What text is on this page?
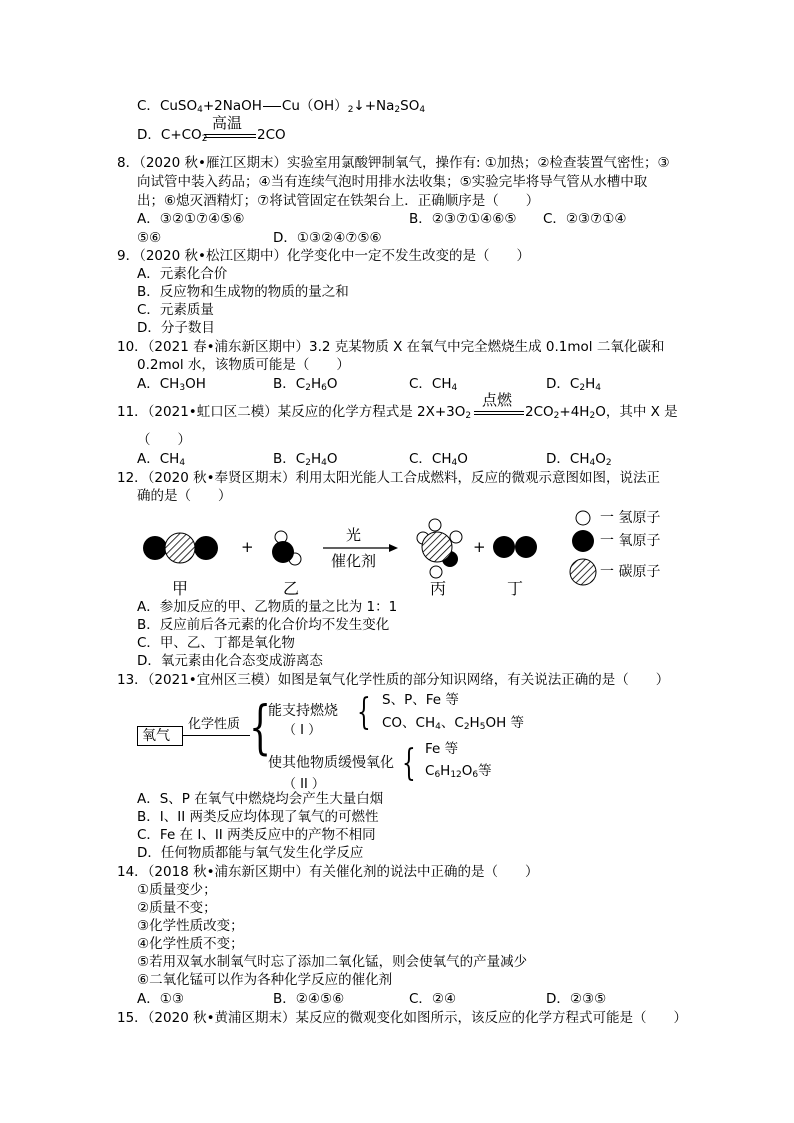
C．CuSO$_4$+2NaOH $Cu(OH)_2↓+Na_2SO_4$
D．$C+CO_2$
高温
2CO
8．（2020 秋•雁江区期末）实验室用氯酸钾制氧气，操作有: ①加热；②检查装置气密性；③
向试管中装入药品；④当有连续气泡时用排水法收集；⑤实验完毕将导气管从水槽中取
出；⑥熄灭酒精灯；⑦将试管固定在铁架台上．正确顺序是（　　）
A．③②①⑦④⑤⑥	B．②③⑦①④⑥⑤ C．②③⑦①④
⑤⑥	D．①③②④⑦⑤⑥
9．（2020 秋•松江区期中）化学变化中一定不发生改变的是（　　）
A．元素化合价
B．反应物和生成物的物质的量之和
C．元素质量
D．分子数目
10．（2021 春•浦东新区期中）3.2 克某物质 X 在氧气中完全燃烧生成 0.1mol 二氧化碳和
0.2mol 水，该物质可能是（　　）
A．$CH_3OH$	B．$C_2H_6O$	C．$CH_4$	D．$C_2H_4$
11．（2021•虹口区二模）某反应的化学方程式是 $2X+3O_2$
点燃
$2CO_2+4H_2O$，其中 X 是
（　　）
A．$CH_4$	B．$C_2H_4O$	C．$CH_4O$	D．$CH_4O_2$
12．（2020 秋•奉贤区期末）利用太阳光能人工合成燃料，反应的微观示意图如图，说法正
确的是（　　）
+	+
光
催化剂
甲	乙	丙	丁
一 氢原子
一 氧原子
一 碳原子
A．参加反应的甲、乙物质的量之比为 1：1
B．反应前后各元素的化合价均不发生变化
C．甲、乙、丁都是氧化物
D．氧元素由化合态变成游离态
13．（2021•宜州区三模）如图是氧气化学性质的部分知识网络，有关说法正确的是（　　）
氧气
化学性质 {
能支持燃烧
（ I ） { S、P、Fe 等
CO、$CH_4$、$C_2H_5OH$ 等
使其他物质缓慢氧化
（ II ）
{ Fe 等
$C_6H_{12}O_6$等
A．S、P 在氧气中燃烧均会产生大量白烟
B．I、II 两类反应均体现了氧气的可燃性
C．Fe 在 I、II 两类反应中的产物不相同
D．任何物质都能与氧气发生化学反应
14．（2018 秋•浦东新区期中）有关催化剂的说法中正确的是（　　）
①质量变少；
②质量不变；
③化学性质改变；
④化学性质不变；
⑤若用双氧水制氧气时忘了添加二氧化锰，则会使氧气的产量减少
⑥二氧化锰可以作为各种化学反应的催化剂
A．①③	B．②④⑤⑥	C．②④	D．②③⑤
15．（2020 秋•黄浦区期末）某反应的微观变化如图所示，该反应的化学方程式可能是（　　）
